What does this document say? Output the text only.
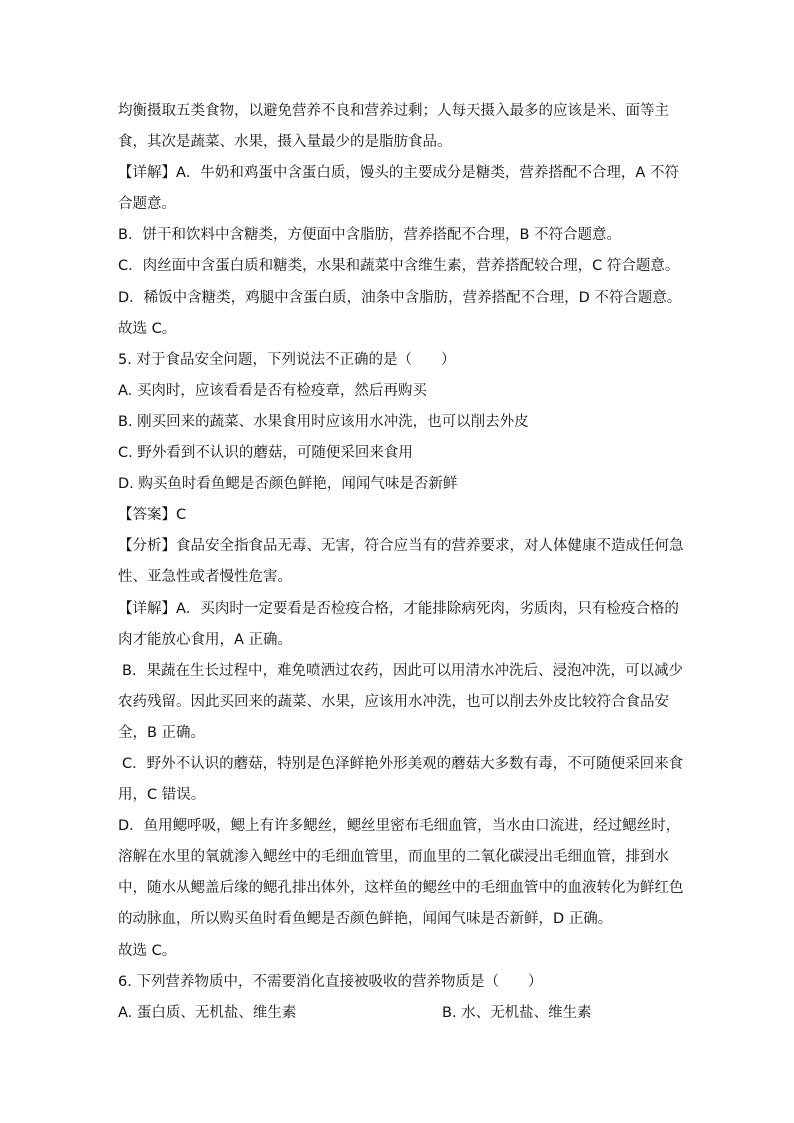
均衡摄取五类食物，以避免营养不良和营养过剩；人每天摄入最多的应该是米、面等主
食，其次是蔬菜、水果，摄入量最少的是脂肪食品。
【详解】A．牛奶和鸡蛋中含蛋白质，馒头的主要成分是糖类，营养搭配不合理，A 不符
合题意。
B．饼干和饮料中含糖类，方便面中含脂肪，营养搭配不合理，B 不符合题意。
C．肉丝面中含蛋白质和糖类，水果和蔬菜中含维生素，营养搭配较合理，C 符合题意。
D．稀饭中含糖类，鸡腿中含蛋白质，油条中含脂肪，营养搭配不合理，D 不符合题意。
故选 C。
5. 对于食品安全问题，下列说法不正确的是（　　）
A. 买肉时，应该看看是否有检疫章，然后再购买
B. 刚买回来的蔬菜、水果食用时应该用水冲洗，也可以削去外皮
C. 野外看到不认识的蘑菇，可随便采回来食用
D. 购买鱼时看鱼鳃是否颜色鲜艳，闻闻气味是否新鲜
【答案】C
【分析】食品安全指食品无毒、无害，符合应当有的营养要求，对人体健康不造成任何急
性、亚急性或者慢性危害。
【详解】A．买肉时一定要看是否检疫合格，才能排除病死肉，劣质肉，只有检疫合格的
肉才能放心食用，A 正确。
B．果蔬在生长过程中，难免喷洒过农药，因此可以用清水冲洗后、浸泡冲洗，可以减少
农药残留。因此买回来的蔬菜、水果，应该用水冲洗，也可以削去外皮比较符合食品安
全，B 正确。
C．野外不认识的蘑菇，特别是色泽鲜艳外形美观的蘑菇大多数有毒，不可随便采回来食
用，C 错误。
D．鱼用鳃呼吸，鳃上有许多鳃丝，鳃丝里密布毛细血管，当水由口流进，经过鳃丝时，
溶解在水里的氧就渗入鳃丝中的毛细血管里，而血里的二氧化碳浸出毛细血管，排到水
中，随水从鳃盖后缘的鳃孔排出体外，这样鱼的鳃丝中的毛细血管中的血液转化为鲜红色
的动脉血，所以购买鱼时看鱼鳃是否颜色鲜艳，闻闻气味是否新鲜，D 正确。
故选 C。
6. 下列营养物质中，不需要消化直接被吸收的营养物质是（　　）
A. 蛋白质、无机盐、维生素	B. 水、无机盐、维生素
